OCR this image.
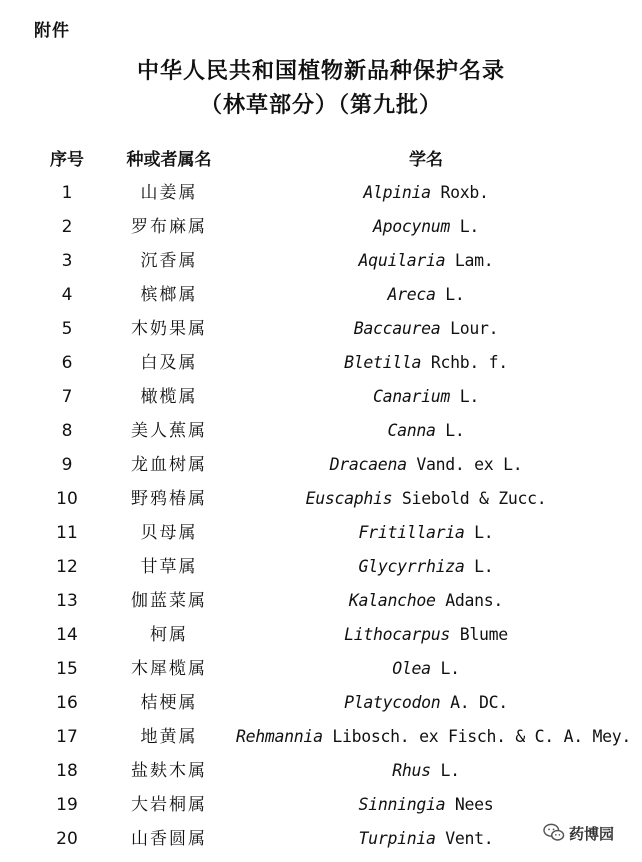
附件
中华人民共和国植物新品种保护名录
（林草部分）（第九批）
序号	种或者属名	学名
1	山姜属	Alpinia Roxb.
2	罗布麻属	Apocynum L.
3	沉香属	Aquilaria Lam.
4	槟榔属	Areca L.
5	木奶果属	Baccaurea Lour.
6	白及属	Bletilla Rchb. f.
7	橄榄属	Canarium L.
8	美人蕉属	Canna L.
9	龙血树属	Dracaena Vand. ex L.
10	野鸦椿属	Euscaphis Siebold & Zucc.
11	贝母属	Fritillaria L.
12	甘草属	Glycyrrhiza L.
13	伽蓝菜属	Kalanchoe Adans.
14	柯属	Lithocarpus Blume
15	木犀榄属	Olea L.
16	桔梗属	Platycodon A. DC.
17	地黄属	Rehmannia Libosch. ex Fisch. & C. A. Mey.
18	盐麸木属	Rhus L.
19	大岩桐属	Sinningia Nees
20	山香圆属	Turpinia Vent.	药博园
